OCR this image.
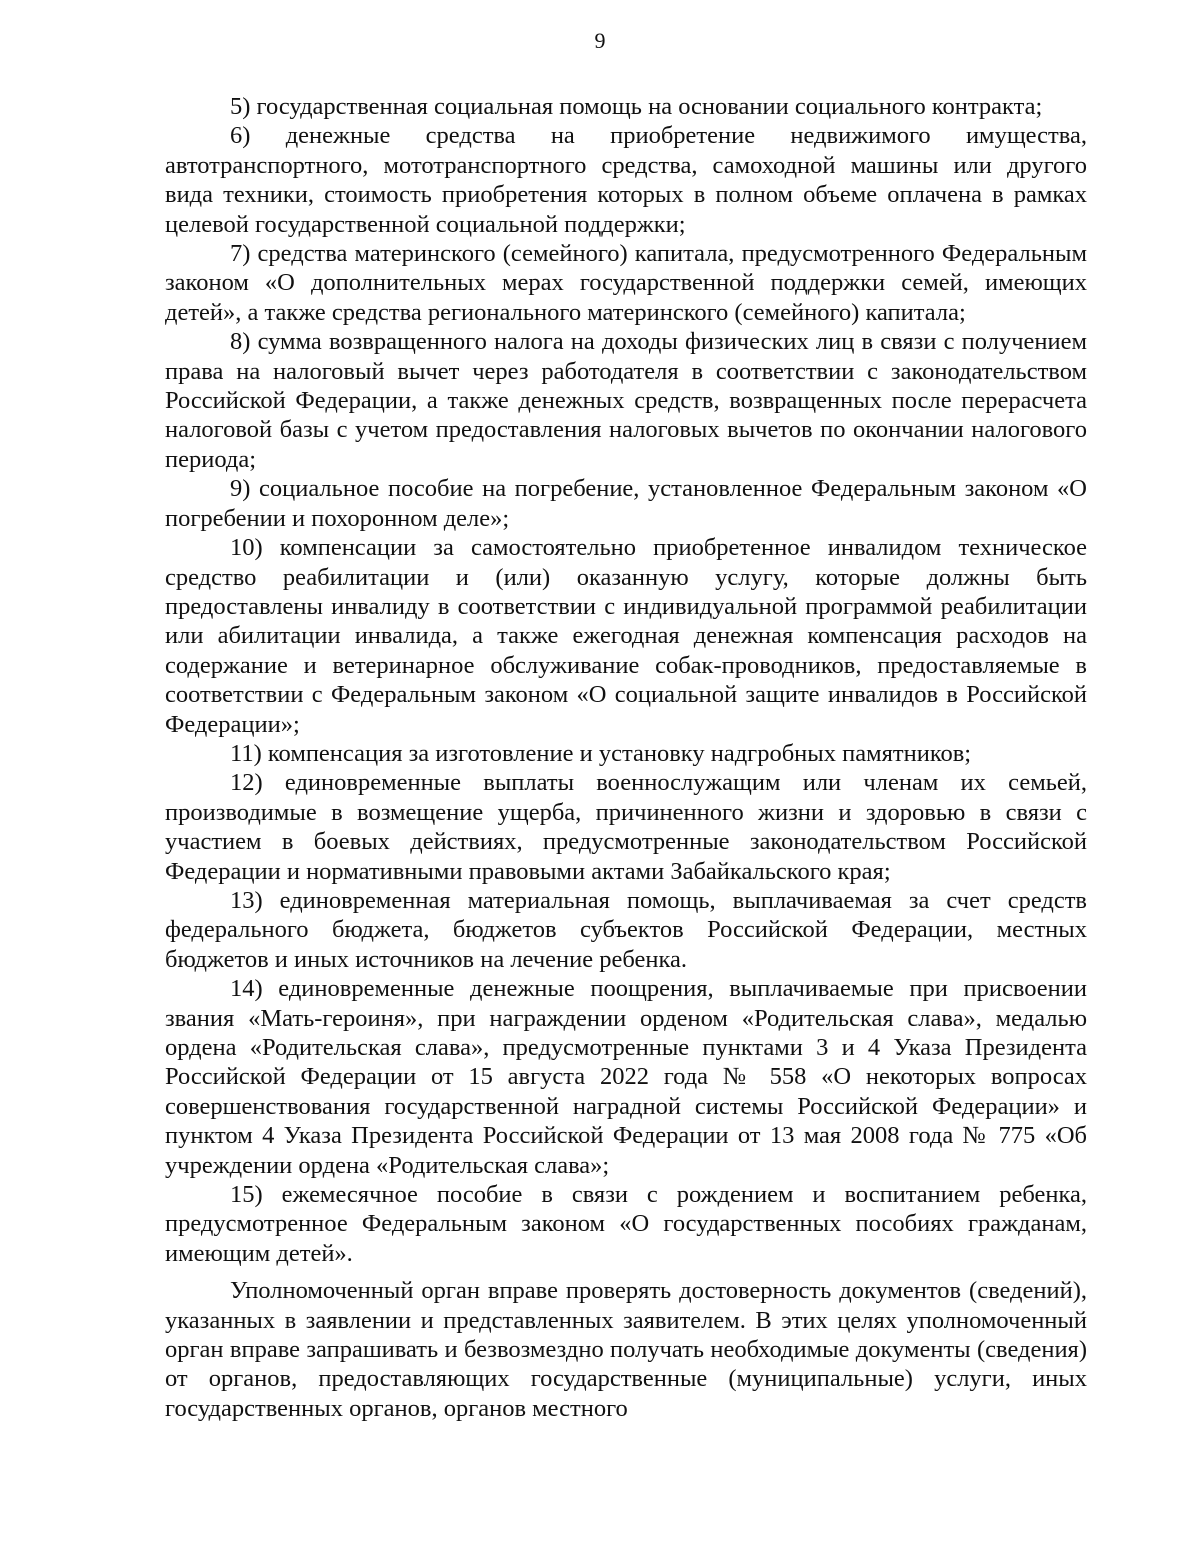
9

5) государственная социальная помощь на основании социального контракта;

6) денежные средства на приобретение недвижимого имущества, автотранспортного, мототранспортного средства, самоходной машины или другого вида техники, стоимость приобретения которых в полном объеме оплачена в рамках целевой государственной социальной поддержки;

7) средства материнского (семейного) капитала, предусмотренного Федеральным законом «О дополнительных мерах государственной поддержки семей, имеющих детей», а также средства регионального материнского (семейного) капитала;

8) сумма возвращенного налога на доходы физических лиц в связи с получением права на налоговый вычет через работодателя в соответствии с законодательством Российской Федерации, а также денежных средств, возвращенных после перерасчета налоговой базы с учетом предоставления налоговых вычетов по окончании налогового периода;

9) социальное пособие на погребение, установленное Федеральным законом «О погребении и похоронном деле»;

10) компенсации за самостоятельно приобретенное инвалидом техническое средство реабилитации и (или) оказанную услугу, которые должны быть предоставлены инвалиду в соответствии с индивидуальной программой реабилитации или абилитации инвалида, а также ежегодная денежная компенсация расходов на содержание и ветеринарное обслуживание собак-проводников, предоставляемые в соответствии с Федеральным законом «О социальной защите инвалидов в Российской Федерации»;

11) компенсация за изготовление и установку надгробных памятников;

12) единовременные выплаты военнослужащим или членам их семьей, производимые в возмещение ущерба, причиненного жизни и здоровью в связи с участием в боевых действиях, предусмотренные законодательством Российской Федерации и нормативными правовыми актами Забайкальского края;

13) единовременная материальная помощь, выплачиваемая за счет средств федерального бюджета, бюджетов субъектов Российской Федерации, местных бюджетов и иных источников на лечение ребенка.

14) единовременные денежные поощрения, выплачиваемые при присвоении звания «Мать-героиня», при награждении орденом «Родительская слава», медалью ордена «Родительская слава», предусмотренные пунктами 3 и 4 Указа Президента Российской Федерации от 15 августа 2022 года № 558 «О некоторых вопросах совершенствования государственной наградной системы Российской Федерации» и пунктом 4 Указа Президента Российской Федерации от 13 мая 2008 года № 775 «Об учреждении ордена «Родительская слава»;

15) ежемесячное пособие в связи с рождением и воспитанием ребенка, предусмотренное Федеральным законом «О государственных пособиях гражданам, имеющим детей».

Уполномоченный орган вправе проверять достоверность документов (сведений), указанных в заявлении и представленных заявителем. В этих целях уполномоченный орган вправе запрашивать и безвозмездно получать необходимые документы (сведения) от органов, предоставляющих государственные (муниципальные) услуги, иных государственных органов, органов местного
